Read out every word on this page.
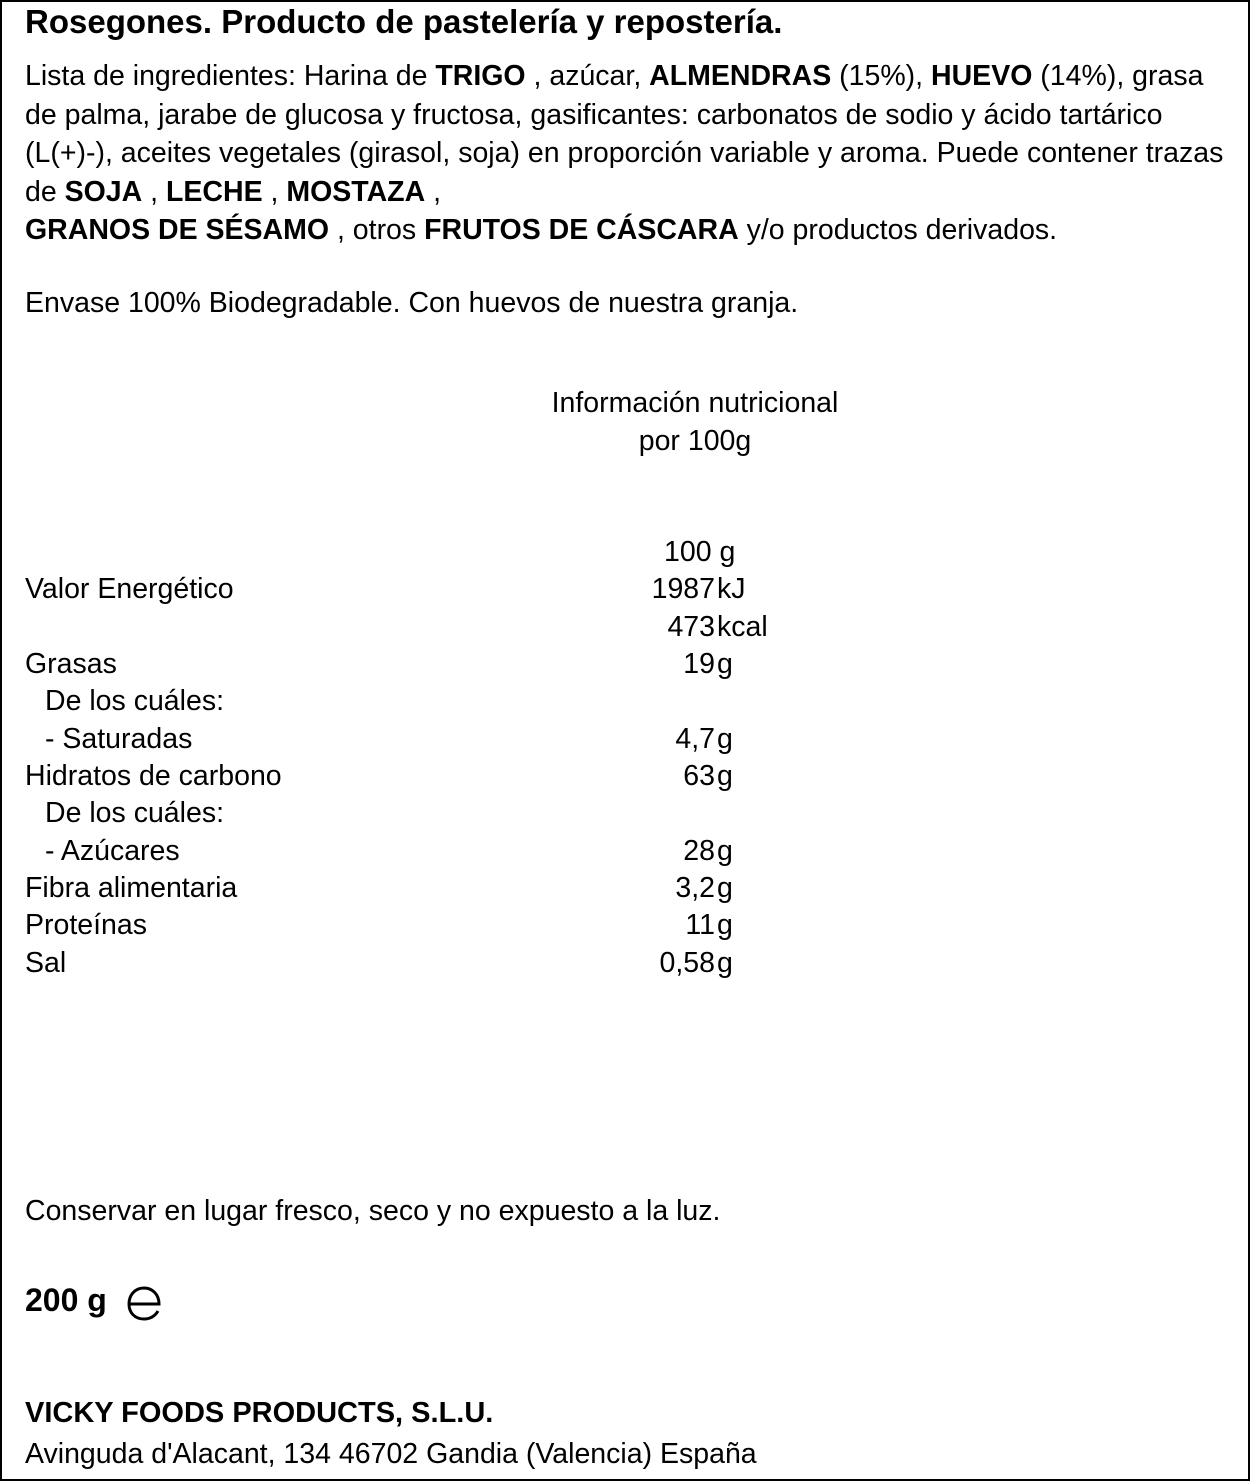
Rosegones. Producto de pastelería y repostería.
Lista de ingredientes: Harina de TRIGO , azúcar, ALMENDRAS (15%), HUEVO (14%), grasa de palma, jarabe de glucosa y fructosa, gasificantes: carbonatos de sodio y ácido tartárico (L(+)-), aceites vegetales (girasol, soja) en proporción variable y aroma. Puede contener trazas de SOJA , LECHE , MOSTAZA ,
GRANOS DE SÉSAMO , otros FRUTOS DE CÁSCARA y/o productos derivados.
Envase 100% Biodegradable. Con huevos de nuestra granja.
Información nutricional
por 100g
100 g
Valor Energético	1987 kJ
473 kcal
Grasas	19 g
De los cuáles:
- Saturadas	4,7 g
Hidratos de carbono	63 g
De los cuáles:
- Azúcares	28 g
Fibra alimentaria	3,2 g
Proteínas	11 g
Sal	0,58 g
Conservar en lugar fresco, seco y no expuesto a la luz.
200 g
VICKY FOODS PRODUCTS, S.L.U.
Avinguda d'Alacant, 134 46702 Gandia (Valencia) España
